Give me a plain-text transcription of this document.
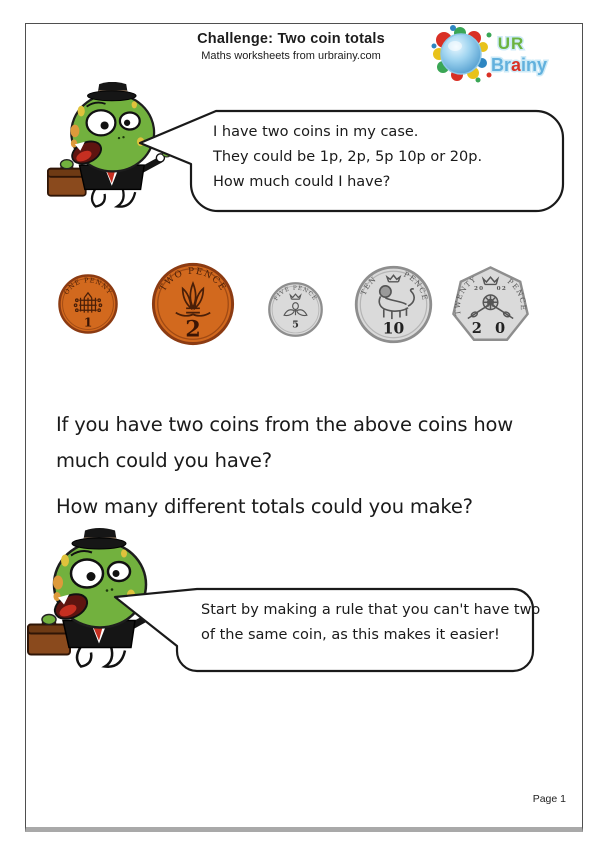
Challenge: Two coin totals
Maths worksheets from urbrainy.com
UR
Brainy
I have two coins in my case.
They could be 1p, 2p, 5p 10p or 20p.
How much could I have?
ONE PENNY
1
TWO PENCE
2
FIVE PENCE
5
TEN	PENCE
10
TWENTY	PENCE
20 02
2 0

If you have two coins from the above coins how much could you have?

How many different totals could you make?

Start by making a rule that you can't have two
of the same coin, as this makes it easier!
Page 1
